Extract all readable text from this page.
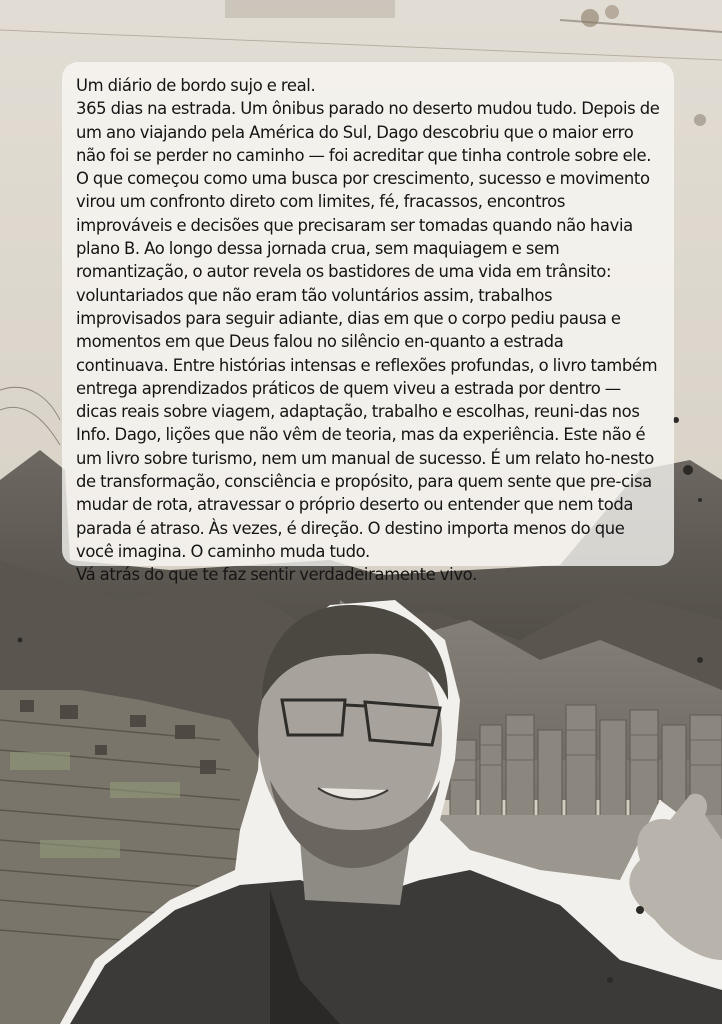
Um diário de bordo sujo e real.
365 dias na estrada. Um ônibus parado no deserto mudou tudo. Depois de um ano viajando pela América do Sul, Dago descobriu que o maior erro não foi se perder no caminho — foi acreditar que tinha controle sobre ele. O que começou como uma busca por crescimento, sucesso e movimento virou um confronto direto com limites, fé, fracassos, encontros improváveis e decisões que precisaram ser tomadas quando não havia plano B. Ao longo dessa jornada crua, sem maquiagem e sem romantização, o autor revela os bastidores de uma vida em trânsito: voluntariados que não eram tão voluntários assim, trabalhos improvisados para seguir adiante, dias em que o corpo pediu pausa e momentos em que Deus falou no silêncio en-quanto a estrada continuava. Entre histórias intensas e reflexões profundas, o livro também entrega aprendizados práticos de quem viveu a estrada por dentro — dicas reais sobre viagem, adaptação, trabalho e escolhas, reuni-das nos Info. Dago, lições que não vêm de teoria, mas da experiência. Este não é um livro sobre turismo, nem um manual de sucesso. É um relato ho-nesto de transformação, consciência e propósito, para quem sente que pre-cisa mudar de rota, atravessar o próprio deserto ou entender que nem toda parada é atraso. Às vezes, é direção. O destino importa menos do que você imagina. O caminho muda tudo.
Vá atrás do que te faz sentir verdadeiramente vivo.
